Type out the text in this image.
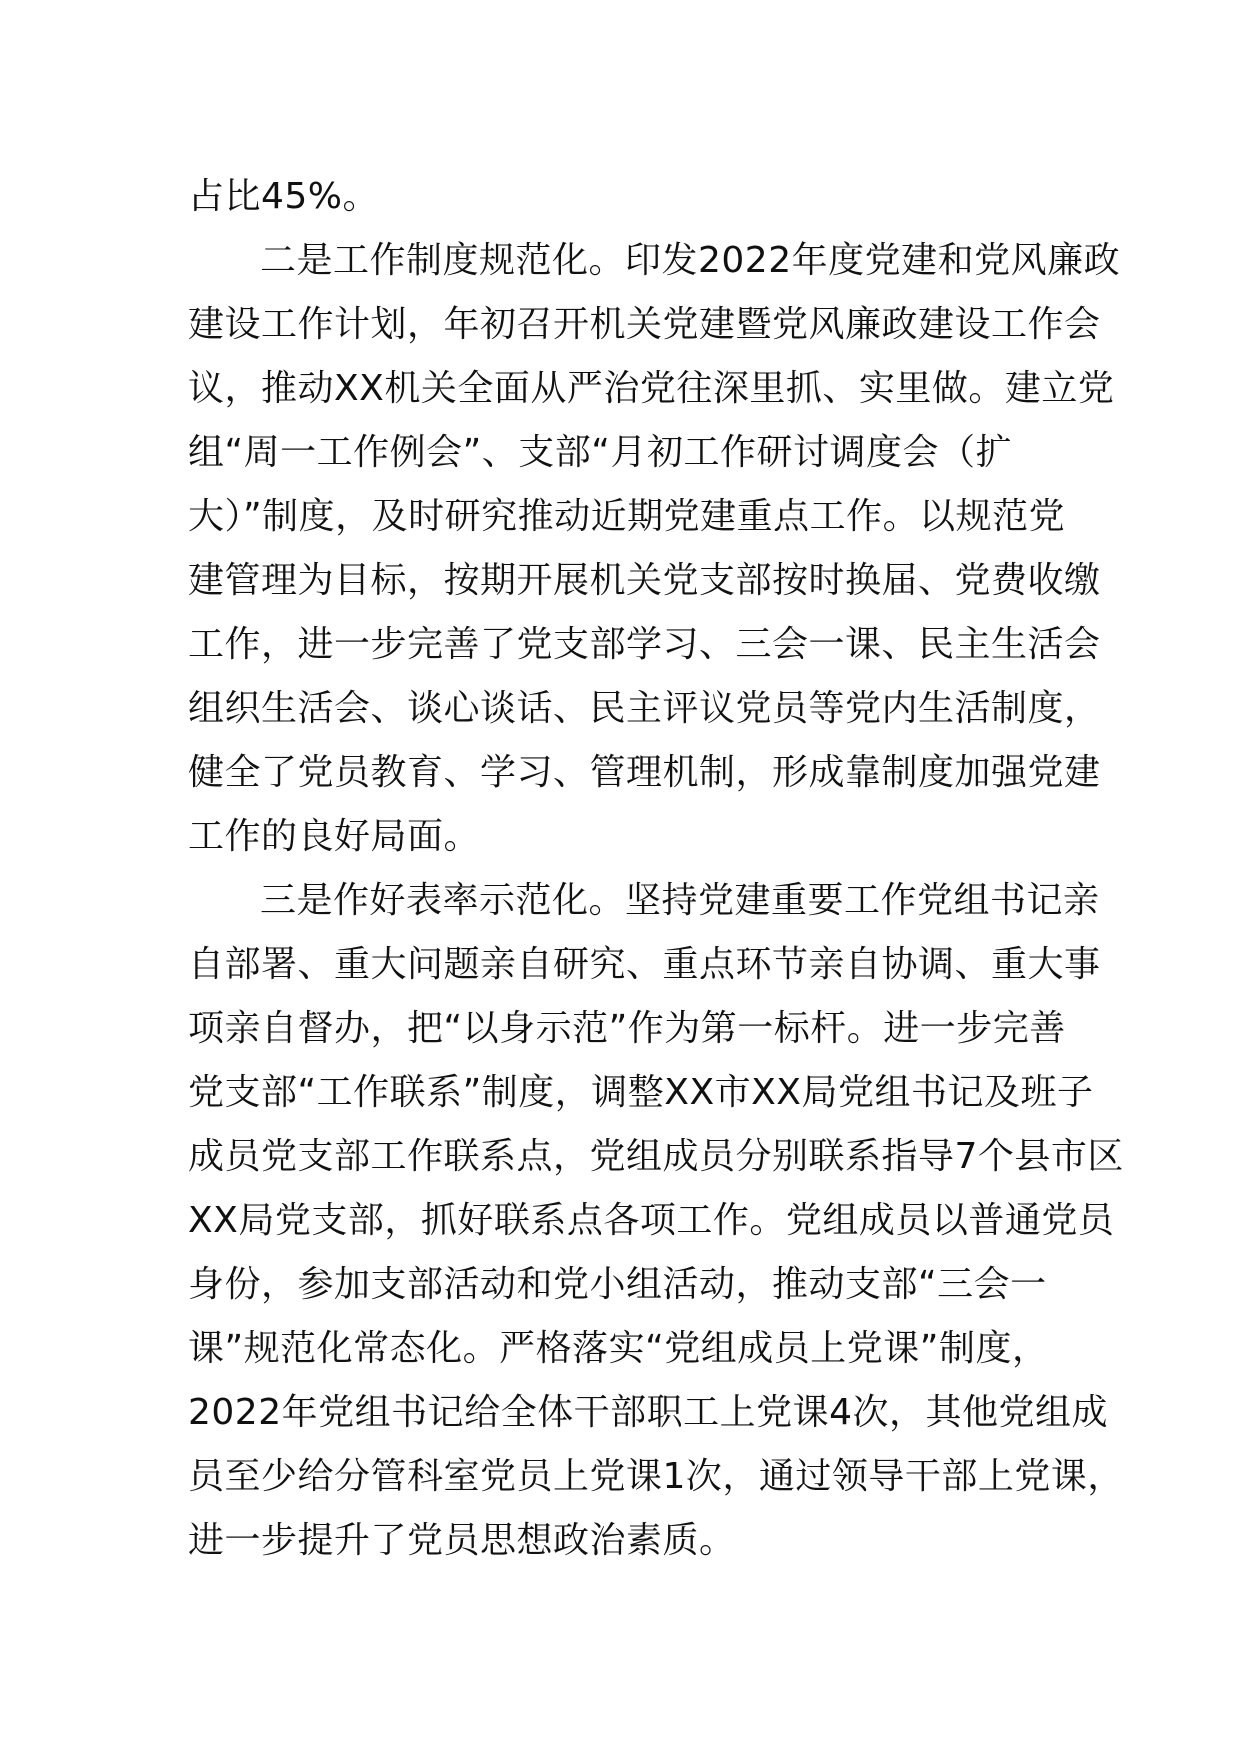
占比45%。
二是工作制度规范化。印发2022年度党建和党风廉政
建设工作计划，年初召开机关党建暨党风廉政建设工作会
议，推动XX机关全面从严治党往深里抓、实里做。建立党
组“周一工作例会”、支部“月初工作研讨调度会（扩
大）”制度，及时研究推动近期党建重点工作。以规范党
建管理为目标，按期开展机关党支部按时换届、党费收缴
工作，进一步完善了党支部学习、三会一课、民主生活会
组织生活会、谈心谈话、民主评议党员等党内生活制度，
健全了党员教育、学习、管理机制，形成靠制度加强党建
工作的良好局面。
三是作好表率示范化。坚持党建重要工作党组书记亲
自部署、重大问题亲自研究、重点环节亲自协调、重大事
项亲自督办，把“以身示范”作为第一标杆。进一步完善
党支部“工作联系”制度，调整XX市XX局党组书记及班子
成员党支部工作联系点，党组成员分别联系指导7个县市区
XX局党支部，抓好联系点各项工作。党组成员以普通党员
身份，参加支部活动和党小组活动，推动支部“三会一
课”规范化常态化。严格落实“党组成员上党课”制度，
2022年党组书记给全体干部职工上党课4次，其他党组成
员至少给分管科室党员上党课1次，通过领导干部上党课，
进一步提升了党员思想政治素质。
